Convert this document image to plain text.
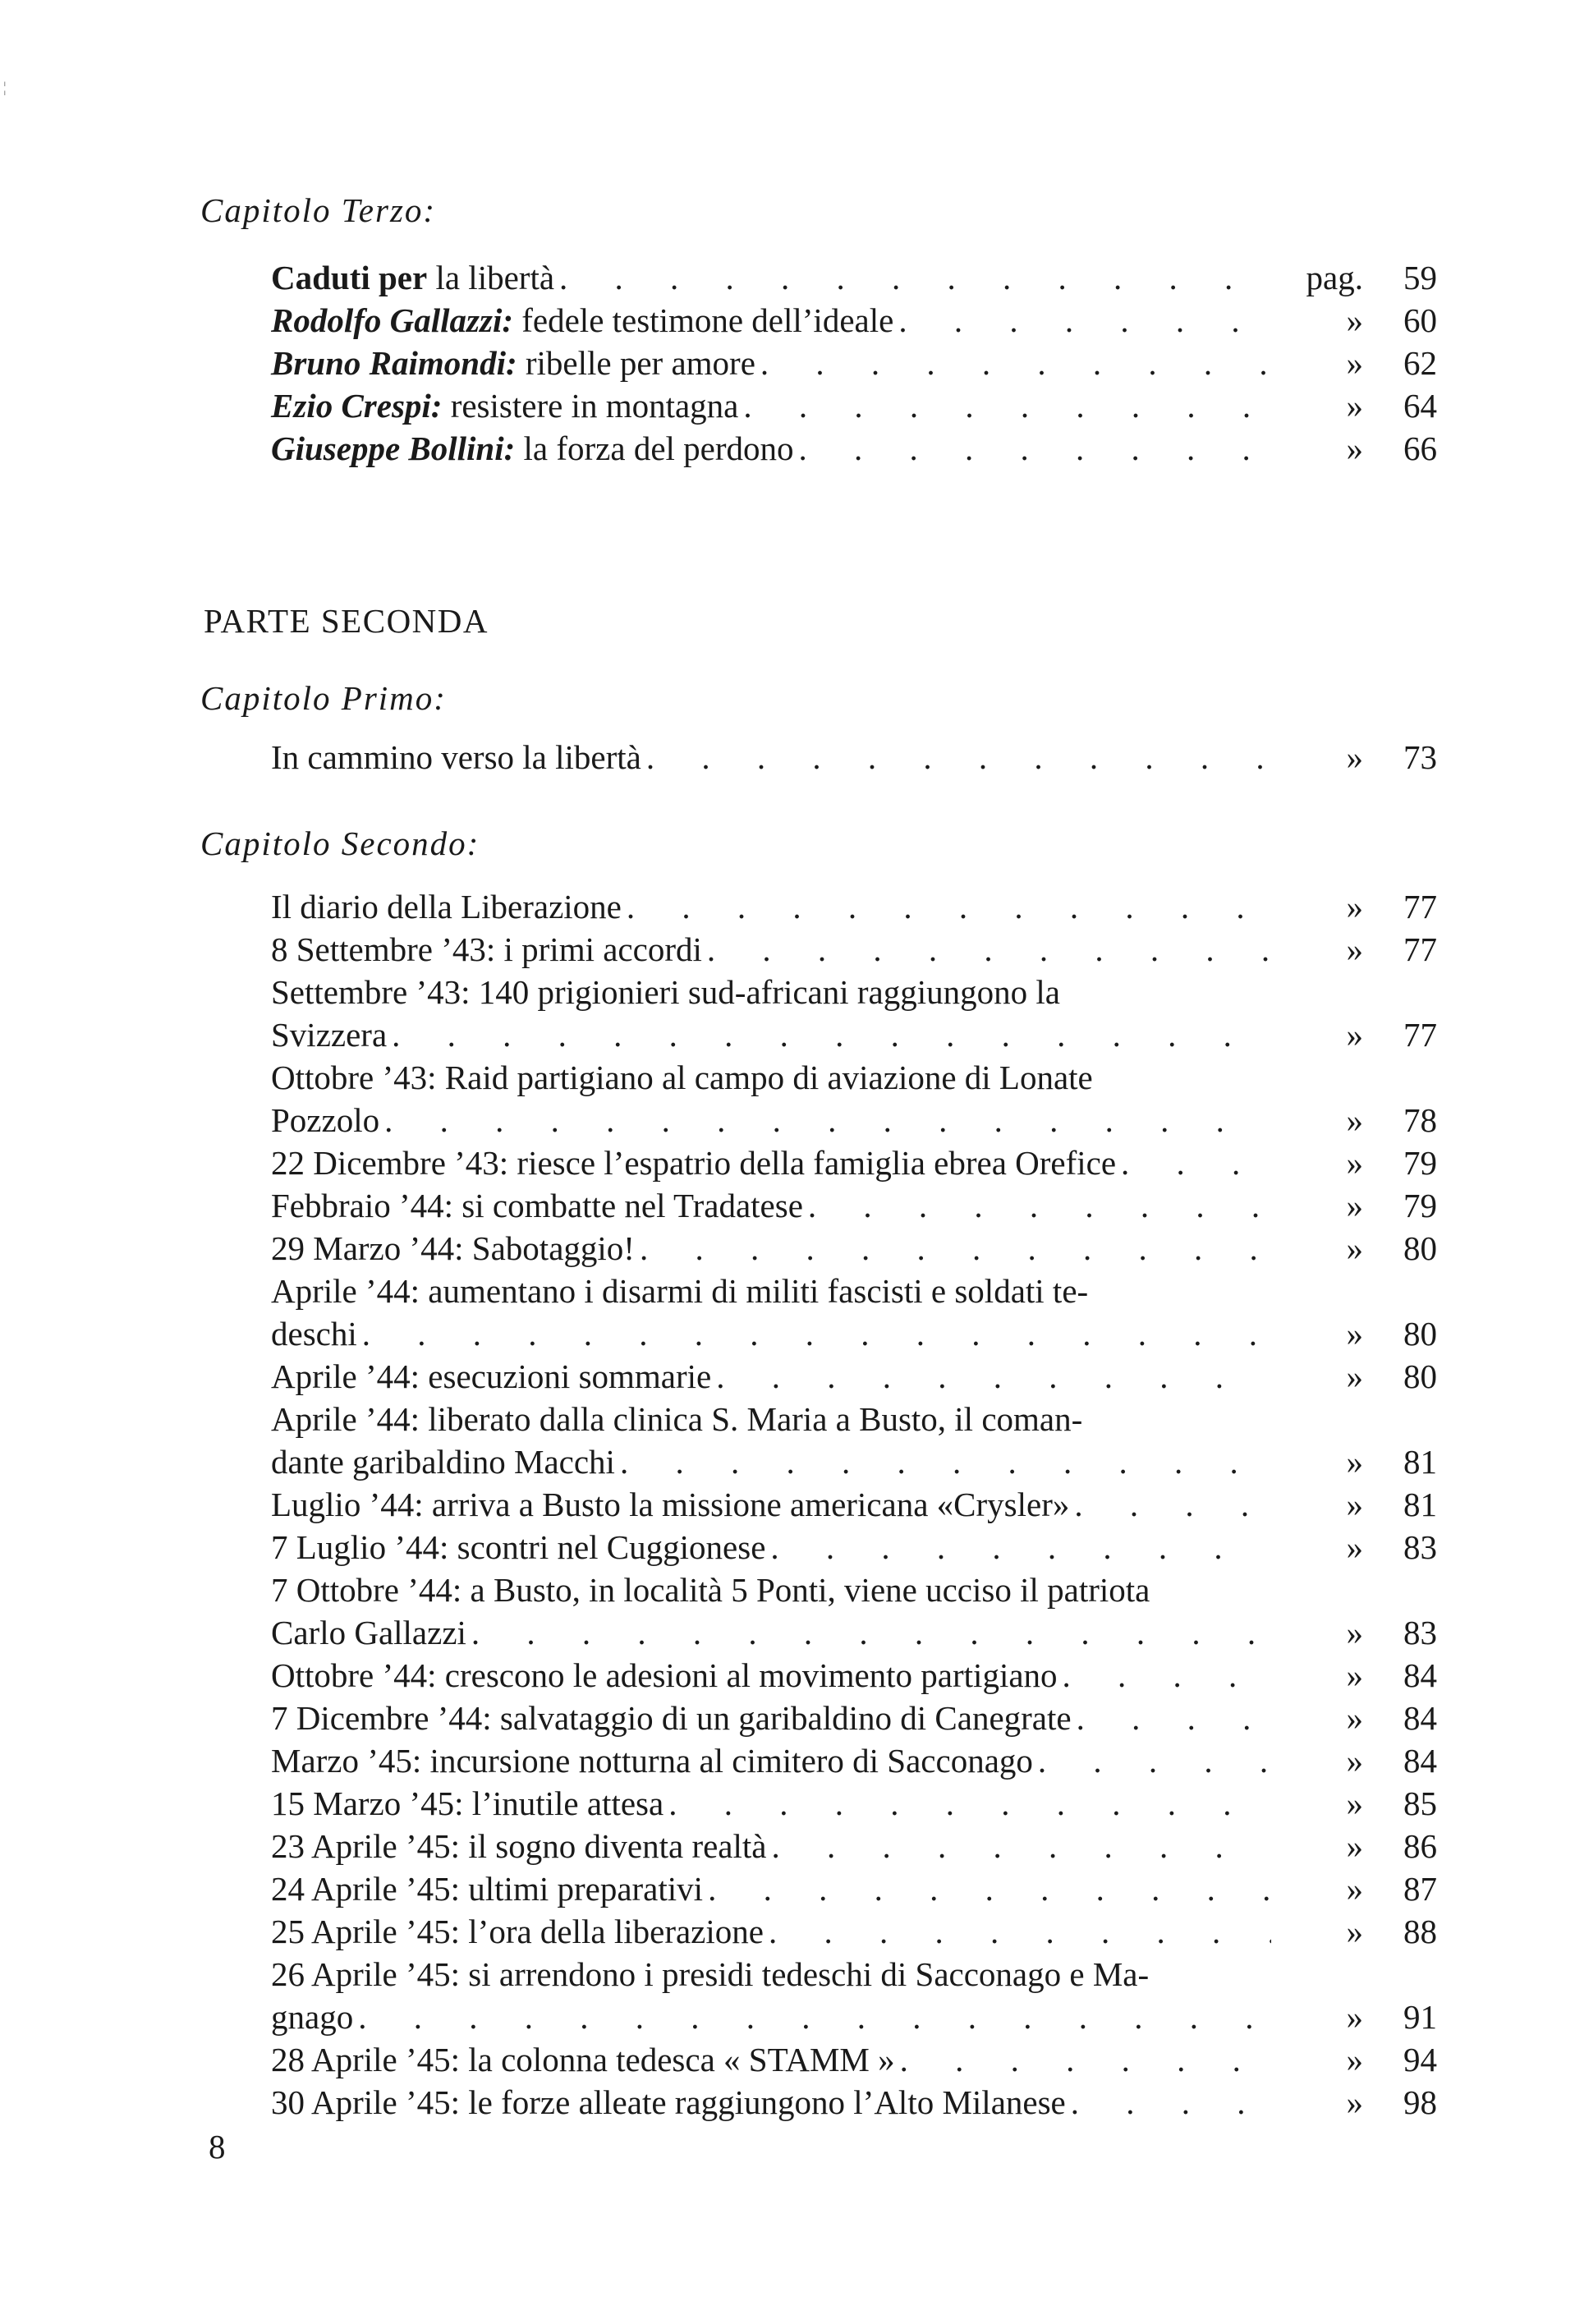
¦
Capitolo Terzo:
Caduti per la libertà . . .	pag.	59
Rodolfo Gallazzi: fedele testimone dell’ideale . . .	»	60
Bruno Raimondi: ribelle per amore . . .	»	62
Ezio Crespi: resistere in montagna . . .	»	64
Giuseppe Bollini: la forza del perdono . . .	»	66
PARTE SECONDA
Capitolo Primo:
In cammino verso la libertà . . .	»	73
Capitolo Secondo:
Il diario della Liberazione . . .	»	77
8 Settembre ’43: i primi accordi . . .	»	77
Settembre ’43: 140 prigionieri sud-africani raggiungono la
Svizzera . . .	»	77
Ottobre ’43: Raid partigiano al campo di aviazione di Lonate
Pozzolo . . .	»	78
22 Dicembre ’43: riesce l’espatrio della famiglia ebrea Orefice . . .	»	79
Febbraio ’44: si combatte nel Tradatese . . .	»	79
29 Marzo ’44: Sabotaggio! . . .	»	80
Aprile ’44: aumentano i disarmi di militi fascisti e soldati te-
deschi . . .	»	80
Aprile ’44: esecuzioni sommarie . . .	»	80
Aprile ’44: liberato dalla clinica S. Maria a Busto, il coman-
dante garibaldino Macchi . . .	»	81
Luglio ’44: arriva a Busto la missione americana «Crysler» . . .	»	81
7 Luglio ’44: scontri nel Cuggionese . . .	»	83
7 Ottobre ’44: a Busto, in località 5 Ponti, viene ucciso il patriota
Carlo Gallazzi . . .	»	83
Ottobre ’44: crescono le adesioni al movimento partigiano . . .	»	84
7 Dicembre ’44: salvataggio di un garibaldino di Canegrate . . .	»	84
Marzo ’45: incursione notturna al cimitero di Sacconago . . .	»	84
15 Marzo ’45: l’inutile attesa . . .	»	85
23 Aprile ’45: il sogno diventa realtà . . .	»	86
24 Aprile ’45: ultimi preparativi . . .	»	87
25 Aprile ’45: l’ora della liberazione . . .	»	88
26 Aprile ’45: si arrendono i presidi tedeschi di Sacconago e Ma-
gnago . . .	»	91
28 Aprile ’45: la colonna tedesca « STAMM » . . .	»	94
30 Aprile ’45: le forze alleate raggiungono l’Alto Milanese . . .	»	98
8
